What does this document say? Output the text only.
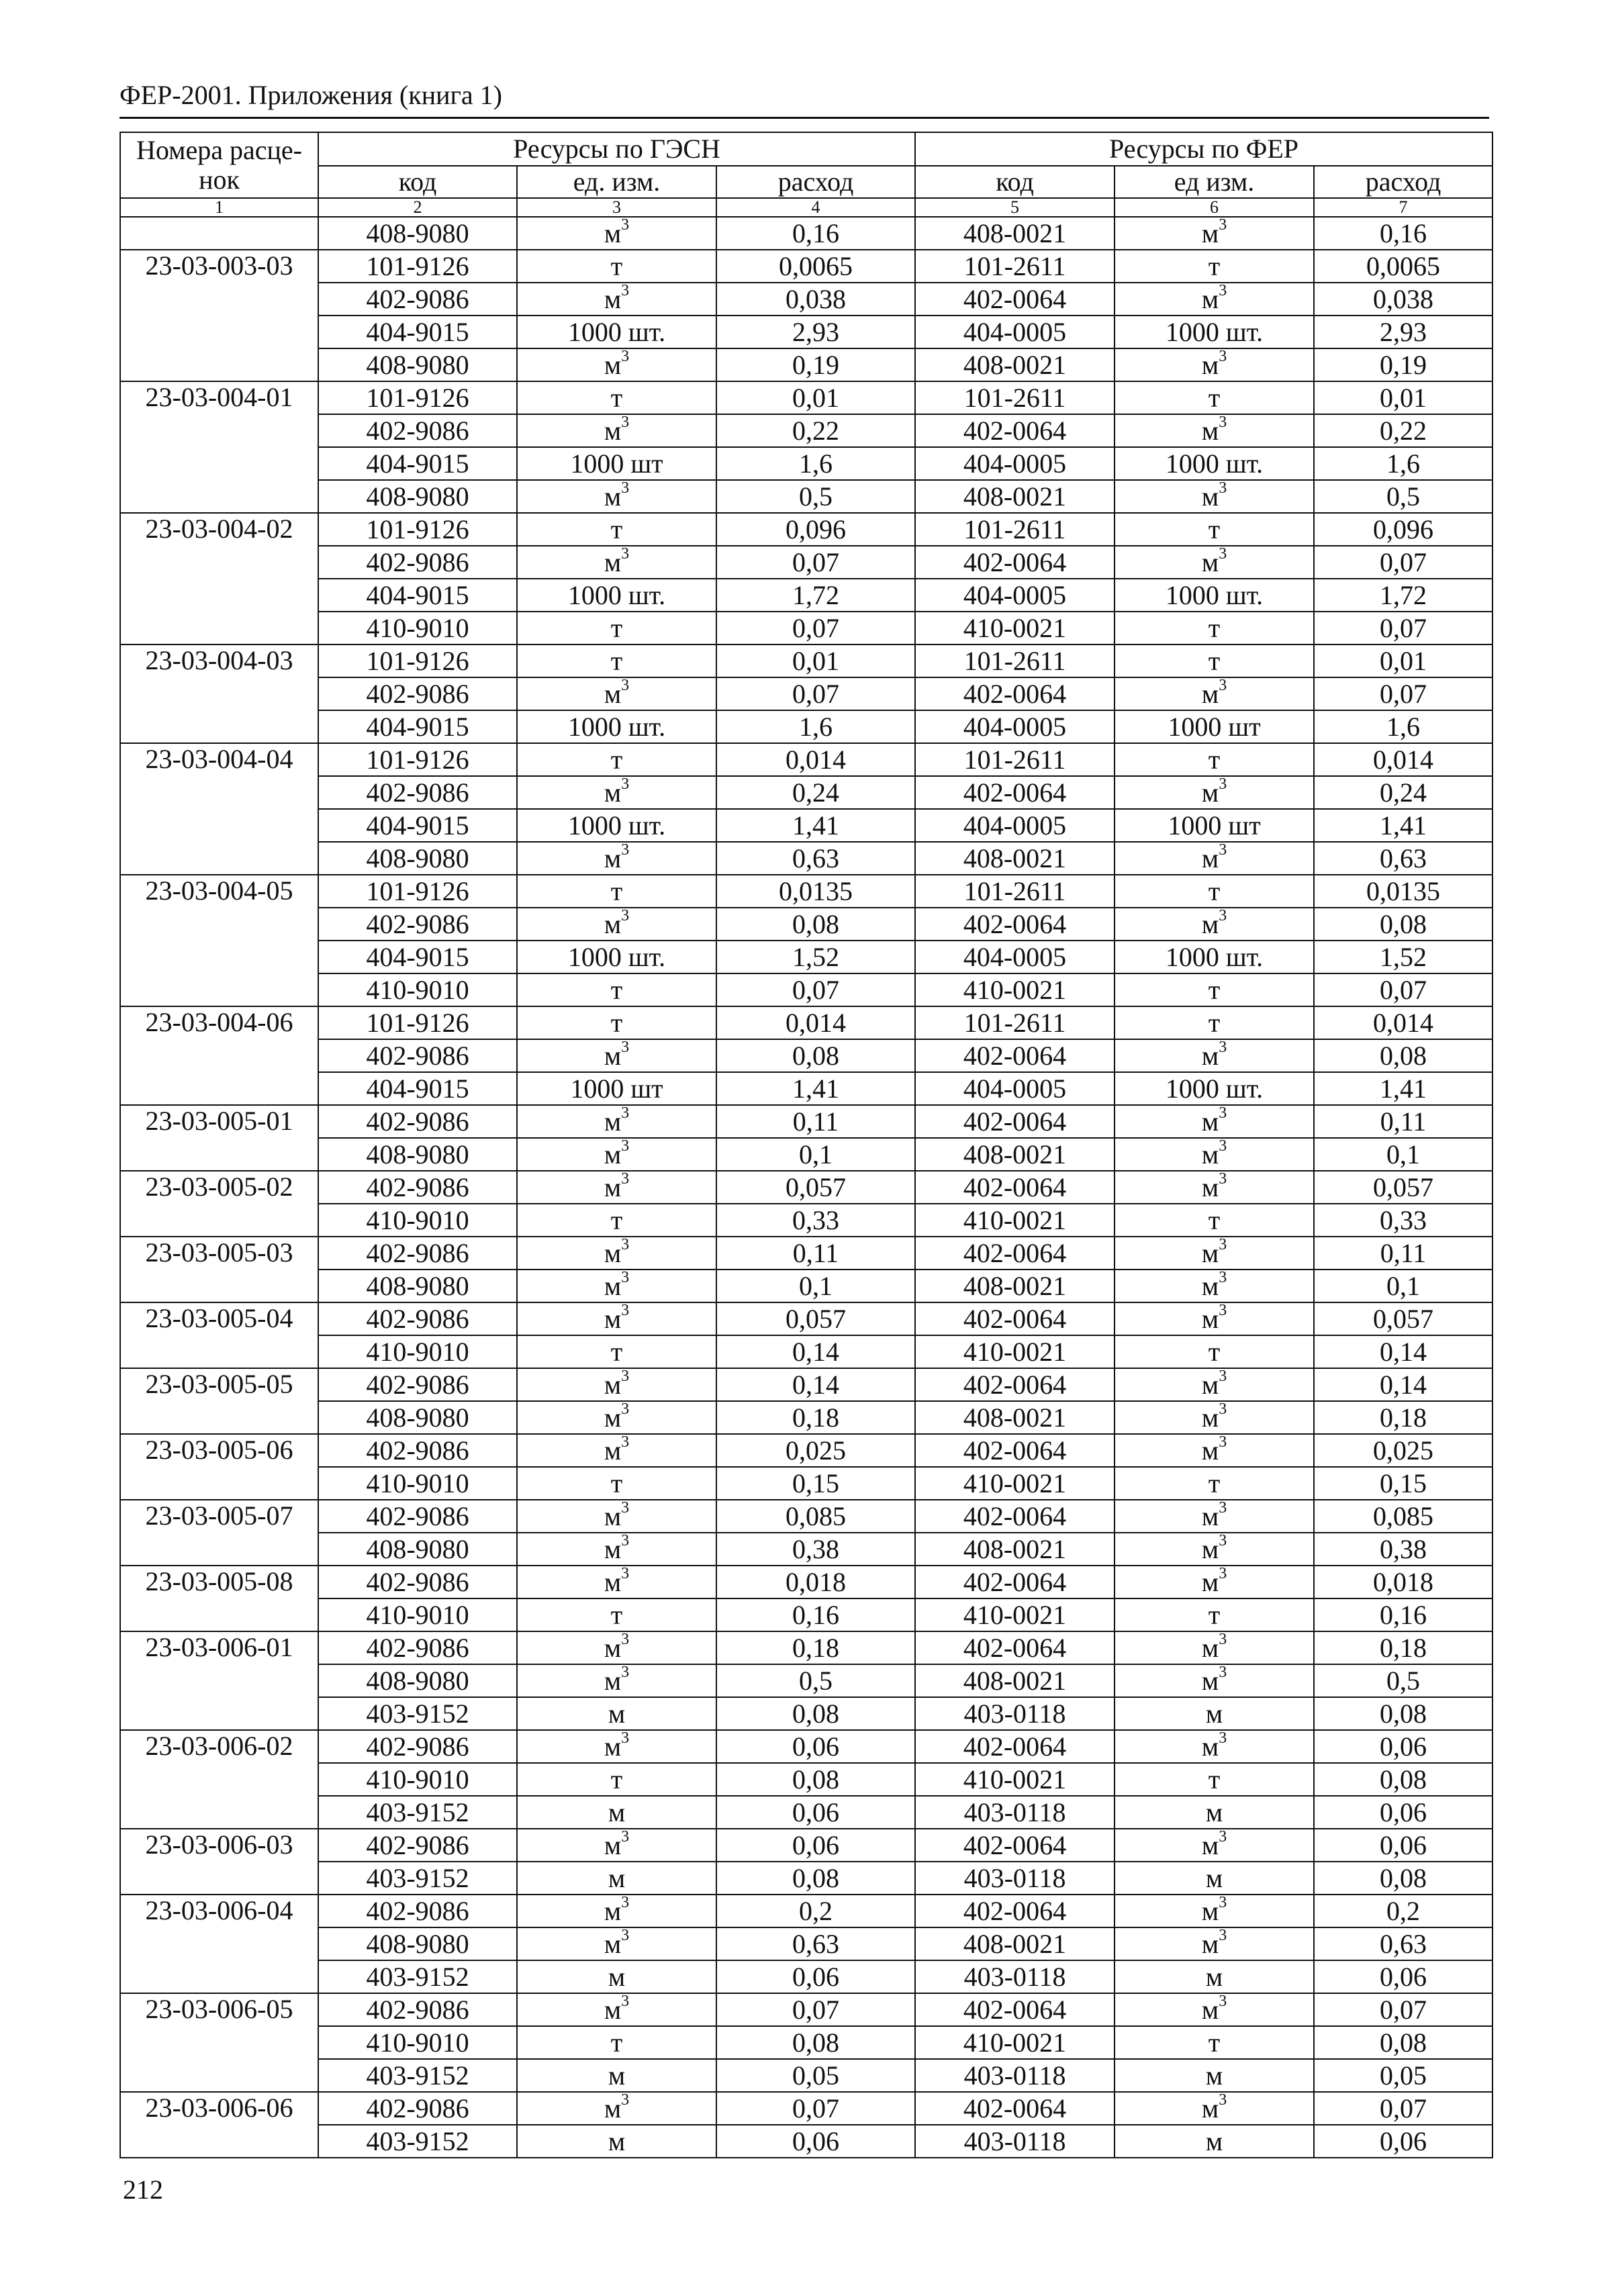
ФЕР-2001. Приложения (книга 1)
Номера расце-нок	Ресурсы по ГЭСН			Ресурсы по ФЕР		
	код	ед. изм.	расход	код	ед изм.	расход
1	2	3	4	5	6	7
	408-9080	$м^3$	0,16	408-0021	$м^3$	0,16
23-03-003-03	101-9126	т	0,0065	101-2611	т	0,0065
	402-9086	$м^3$	0,038	402-0064	$м^3$	0,038
	404-9015	1000 шт.	2,93	404-0005	1000 шт.	2,93
	408-9080	$м^3$	0,19	408-0021	$м^3$	0,19
23-03-004-01	101-9126	т	0,01	101-2611	т	0,01
	402-9086	$м^3$	0,22	402-0064	$м^3$	0,22
	404-9015	1000 шт	1,6	404-0005	1000 шт.	1,6
	408-9080	$м^3$	0,5	408-0021	$м^3$	0,5
23-03-004-02	101-9126	т	0,096	101-2611	т	0,096
	402-9086	$м^3$	0,07	402-0064	$м^3$	0,07
	404-9015	1000 шт.	1,72	404-0005	1000 шт.	1,72
	410-9010	т	0,07	410-0021	т	0,07
23-03-004-03	101-9126	т	0,01	101-2611	т	0,01
	402-9086	$м^3$	0,07	402-0064	$м^3$	0,07
	404-9015	1000 шт.	1,6	404-0005	1000 шт	1,6
23-03-004-04	101-9126	т	0,014	101-2611	т	0,014
	402-9086	$м^3$	0,24	402-0064	$м^3$	0,24
	404-9015	1000 шт.	1,41	404-0005	1000 шт	1,41
	408-9080	$м^3$	0,63	408-0021	$м^3$	0,63
23-03-004-05	101-9126	т	0,0135	101-2611	т	0,0135
	402-9086	$м^3$	0,08	402-0064	$м^3$	0,08
	404-9015	1000 шт.	1,52	404-0005	1000 шт.	1,52
	410-9010	т	0,07	410-0021	т	0,07
23-03-004-06	101-9126	т	0,014	101-2611	т	0,014
	402-9086	$м^3$	0,08	402-0064	$м^3$	0,08
	404-9015	1000 шт	1,41	404-0005	1000 шт.	1,41
23-03-005-01	402-9086	$м^3$	0,11	402-0064	$м^3$	0,11
	408-9080	$м^3$	0,1	408-0021	$м^3$	0,1
23-03-005-02	402-9086	$м^3$	0,057	402-0064	$м^3$	0,057
	410-9010	т	0,33	410-0021	т	0,33
23-03-005-03	402-9086	$м^3$	0,11	402-0064	$м^3$	0,11
	408-9080	$м^3$	0,1	408-0021	$м^3$	0,1
23-03-005-04	402-9086	$м^3$	0,057	402-0064	$м^3$	0,057
	410-9010	т	0,14	410-0021	т	0,14
23-03-005-05	402-9086	$м^3$	0,14	402-0064	$м^3$	0,14
	408-9080	$м^3$	0,18	408-0021	$м^3$	0,18
23-03-005-06	402-9086	$м^3$	0,025	402-0064	$м^3$	0,025
	410-9010	т	0,15	410-0021	т	0,15
23-03-005-07	402-9086	$м^3$	0,085	402-0064	$м^3$	0,085
	408-9080	$м^3$	0,38	408-0021	$м^3$	0,38
23-03-005-08	402-9086	$м^3$	0,018	402-0064	$м^3$	0,018
	410-9010	т	0,16	410-0021	т	0,16
23-03-006-01	402-9086	$м^3$	0,18	402-0064	$м^3$	0,18
	408-9080	$м^3$	0,5	408-0021	$м^3$	0,5
	403-9152	м	0,08	403-0118	м	0,08
23-03-006-02	402-9086	$м^3$	0,06	402-0064	$м^3$	0,06
	410-9010	т	0,08	410-0021	т	0,08
	403-9152	м	0,06	403-0118	м	0,06
23-03-006-03	402-9086	$м^3$	0,06	402-0064	$м^3$	0,06
	403-9152	м	0,08	403-0118	м	0,08
23-03-006-04	402-9086	$м^3$	0,2	402-0064	$м^3$	0,2
	408-9080	$м^3$	0,63	408-0021	$м^3$	0,63
	403-9152	м	0,06	403-0118	м	0,06
23-03-006-05	402-9086	$м^3$	0,07	402-0064	$м^3$	0,07
	410-9010	т	0,08	410-0021	т	0,08
	403-9152	м	0,05	403-0118	м	0,05
23-03-006-06	402-9086	$м^3$	0,07	402-0064	$м^3$	0,07
	403-9152	м	0,06	403-0118	м	0,06
212
